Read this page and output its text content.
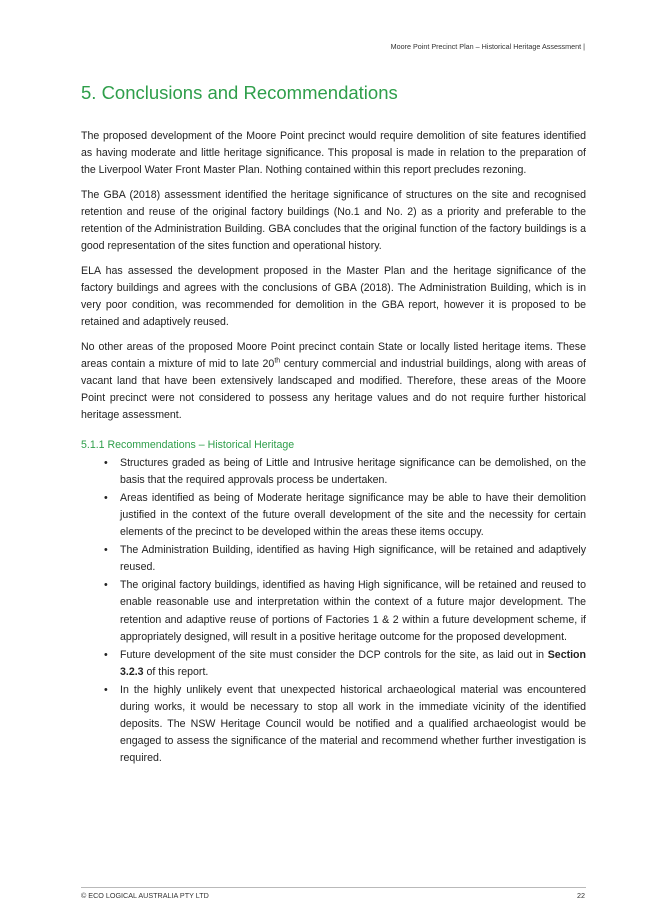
Moore Point Precinct Plan – Historical Heritage Assessment |
5. Conclusions and Recommendations

The proposed development of the Moore Point precinct would require demolition of site features identified as having moderate and little heritage significance. This proposal is made in relation to the preparation of the Liverpool Water Front Master Plan. Nothing contained within this report precludes rezoning.

The GBA (2018) assessment identified the heritage significance of structures on the site and recognised retention and reuse of the original factory buildings (No.1 and No. 2) as a priority and preferable to the retention of the Administration Building. GBA concludes that the original function of the factory buildings is a good representation of the sites function and operational history.

ELA has assessed the development proposed in the Master Plan and the heritage significance of the factory buildings and agrees with the conclusions of GBA (2018). The Administration Building, which is in very poor condition, was recommended for demolition in the GBA report, however it is proposed to be retained and adaptively reused.

No other areas of the proposed Moore Point precinct contain State or locally listed heritage items. These areas contain a mixture of mid to late 20th century commercial and industrial buildings, along with areas of vacant land that have been extensively landscaped and modified. Therefore, these areas of the Moore Point precinct were not considered to possess any heritage values and do not require further historical heritage assessment.

5.1.1 Recommendations – Historical Heritage
• Structures graded as being of Little and Intrusive heritage significance can be demolished, on the basis that the required approvals process be undertaken.
• Areas identified as being of Moderate heritage significance may be able to have their demolition justified in the context of the future overall development of the site and the necessity for certain elements of the precinct to be developed within the areas these items occupy.
• The Administration Building, identified as having High significance, will be retained and adaptively reused.
• The original factory buildings, identified as having High significance, will be retained and reused to enable reasonable use and interpretation within the context of a future major development. The retention and adaptive reuse of portions of Factories 1 & 2 within a future development scheme, if appropriately designed, will result in a positive heritage outcome for the proposed development.
• Future development of the site must consider the DCP controls for the site, as laid out in Section 3.2.3 of this report.
• In the highly unlikely event that unexpected historical archaeological material was encountered during works, it would be necessary to stop all work in the immediate vicinity of the identified deposits. The NSW Heritage Council would be notified and a qualified archaeologist would be engaged to assess the significance of the material and recommend whether further investigation is required.
© ECO LOGICAL AUSTRALIA PTY LTD	22
